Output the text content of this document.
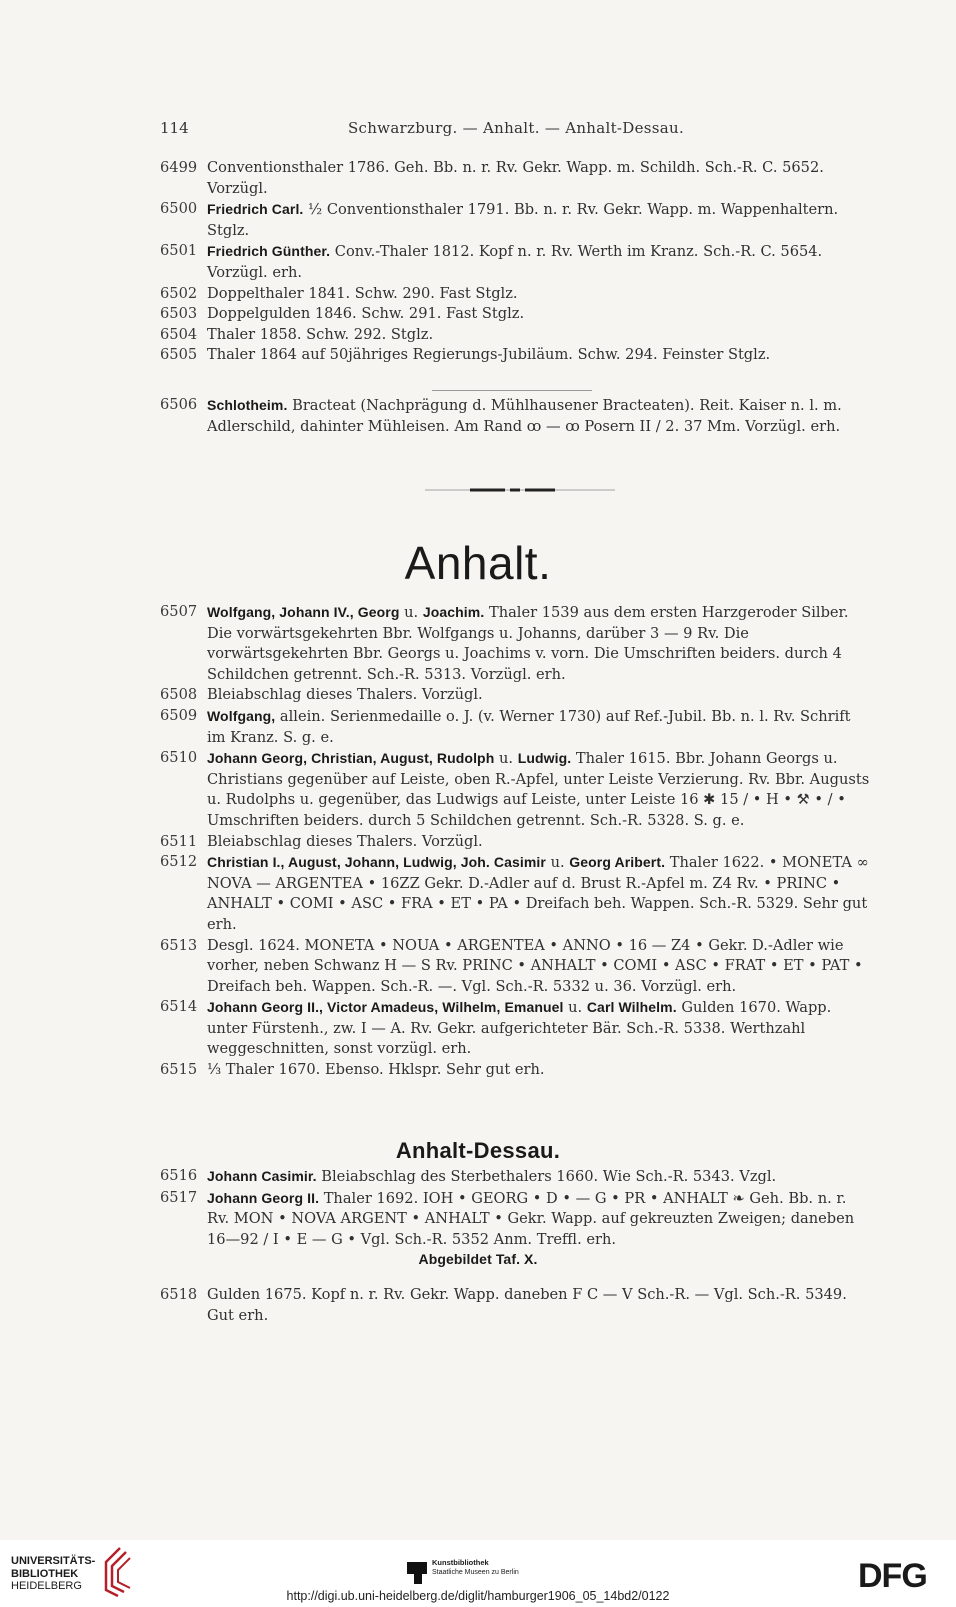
114	Schwarzburg. — Anhalt. — Anhalt-Dessau.

6499 Conventionsthaler 1786. Geh. Bb. n. r. Rv. Gekr. Wapp. m. Schildh. Sch.-R. C. 5652. Vorzügl.

6500 Friedrich Carl. ½ Conventionsthaler 1791. Bb. n. r. Rv. Gekr. Wapp. m. Wappenhaltern. Stglz.

6501 Friedrich Günther. Conv.-Thaler 1812. Kopf n. r. Rv. Werth im Kranz. Sch.-R. C. 5654. Vorzügl. erh.

6502 Doppelthaler 1841. Schw. 290. Fast Stglz.

6503 Doppelgulden 1846. Schw. 291. Fast Stglz.

6504 Thaler 1858. Schw. 292. Stglz.

6505 Thaler 1864 auf 50jähriges Regierungs-Jubiläum. Schw. 294. Feinster Stglz.

6506 Schlotheim. Bracteat (Nachprägung d. Mühlhausener Bracteaten). Reit. Kaiser n. l. m. Adlerschild, dahinter Mühleisen. Am Rand ꝏ — ꝏ Posern II / 2. 37 Mm. Vorzügl. erh.

Anhalt.

6507 Wolfgang, Johann IV., Georg u. Joachim. Thaler 1539 aus dem ersten Harzgeroder Silber. Die vorwärtsgekehrten Bbr. Wolfgangs u. Johanns, darüber 3 — 9 Rv. Die vorwärtsgekehrten Bbr. Georgs u. Joachims v. vorn. Die Umschriften beiders. durch 4 Schildchen getrennt. Sch.-R. 5313. Vorzügl. erh.

6508 Bleiabschlag dieses Thalers. Vorzügl.

6509 Wolfgang, allein. Serienmedaille o. J. (v. Werner 1730) auf Ref.-Jubil. Bb. n. l. Rv. Schrift im Kranz. S. g. e.

6510 Johann Georg, Christian, August, Rudolph u. Ludwig. Thaler 1615. Bbr. Johann Georgs u. Christians gegenüber auf Leiste, oben R.-Apfel, unter Leiste Verzierung. Rv. Bbr. Augusts u. Rudolphs u. gegenüber, das Ludwigs auf Leiste, unter Leiste 16 ✱ 15 / • H • ⚒ • / • Umschriften beiders. durch 5 Schildchen getrennt. Sch.-R. 5328. S. g. e.

6511 Bleiabschlag dieses Thalers. Vorzügl.

6512 Christian I., August, Johann, Ludwig, Joh. Casimir u. Georg Aribert. Thaler 1622. • MONETA ∞ NOVA — ARGENTEA • 16ZZ Gekr. D.-Adler auf d. Brust R.-Apfel m. Z4 Rv. • PRINC • ANHALT • COMI • ASC • FRA • ET • PA • Dreifach beh. Wappen. Sch.-R. 5329. Sehr gut erh.

6513 Desgl. 1624. MONETA • NOUA • ARGENTEA • ANNO • 16 — Z4 • Gekr. D.-Adler wie vorher, neben Schwanz H — S Rv. PRINC • ANHALT • COMI • ASC • FRAT • ET • PAT • Dreifach beh. Wappen. Sch.-R. —. Vgl. Sch.-R. 5332 u. 36. Vorzügl. erh.

6514 Johann Georg II., Victor Amadeus, Wilhelm, Emanuel u. Carl Wilhelm. Gulden 1670. Wapp. unter Fürstenh., zw. I — A. Rv. Gekr. aufgerichteter Bär. Sch.-R. 5338. Werthzahl weggeschnitten, sonst vorzügl. erh.

6515 ⅓ Thaler 1670. Ebenso. Hklspr. Sehr gut erh.

Anhalt-Dessau.

6516 Johann Casimir. Bleiabschlag des Sterbethalers 1660. Wie Sch.-R. 5343. Vzgl.

6517 Johann Georg II. Thaler 1692. IOH • GEORG • D • — G • PR • ANHALT ❧ Geh. Bb. n. r. Rv. MON • NOVA ARGENT • ANHALT • Gekr. Wapp. auf gekreuzten Zweigen; daneben 16—92 / I • E — G • Vgl. Sch.-R. 5352 Anm. Treffl. erh.

Abgebildet Taf. X.

6518 Gulden 1675. Kopf n. r. Rv. Gekr. Wapp. daneben F C — V Sch.-R. — Vgl. Sch.-R. 5349. Gut erh.

UNIVERSITÄTS-
BIBLIOTHEK
HEIDELBERG
Kunstbibliothek
Staatliche Museen zu Berlin	DFG
http://digi.ub.uni-heidelberg.de/diglit/hamburger1906_05_14bd2/0122
